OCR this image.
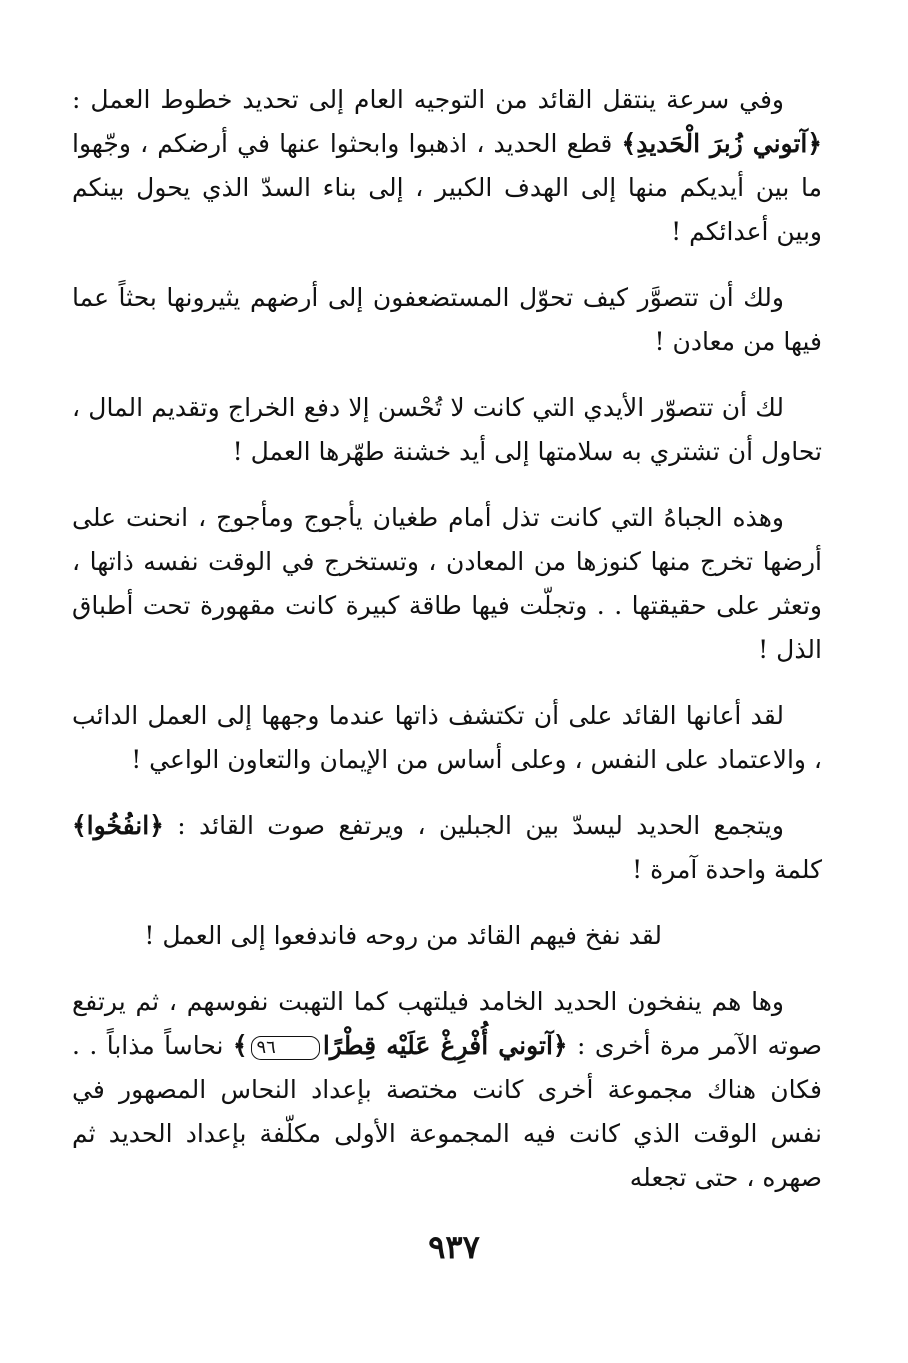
وفي سرعة ينتقل القائد من التوجيه العام إلى تحديد خطوط العمل : ﴿آتوني زُبرَ الْحَديدِ﴾ قطع الحديد ، اذهبوا وابحثوا عنها في أرضكم ، وجّهوا ما بين أيديكم منها إلى الهدف الكبير ، إلى بناء السدّ الذي يحول بينكم وبين أعدائكم !

ولك أن تتصوَّر كيف تحوّل المستضعفون إلى أرضهم يثيرونها بحثاً عما فيها من معادن !

لك أن تتصوّر الأيدي التي كانت لا تُحْسن إلا دفع الخراج وتقديم المال ، تحاول أن تشتري به سلامتها إلى أيد خشنة طهّرها العمل !

وهذه الجباهُ التي كانت تذل أمام طغيان يأجوج ومأجوج ، انحنت على أرضها تخرج منها كنوزها من المعادن ، وتستخرج في الوقت نفسه ذاتها ، وتعثر على حقيقتها . . وتجلّت فيها طاقة كبيرة كانت مقهورة تحت أطباق الذل !

لقد أعانها القائد على أن تكتشف ذاتها عندما وجهها إلى العمل الدائب ، والاعتماد على النفس ، وعلى أساس من الإيمان والتعاون الواعي !

ويتجمع الحديد ليسدّ بين الجبلين ، ويرتفع صوت القائد : ﴿انفُخُوا﴾ كلمة واحدة آمرة !

لقد نفخ فيهم القائد من روحه فاندفعوا إلى العمل !

وها هم ينفخون الحديد الخامد فيلتهب كما التهبت نفوسهم ، ثم يرتفع صوته الآمر مرة أخرى : ﴿آتوني أُفْرِغْ عَلَيْه قِطْرًا٩٦﴾ نحاساً مذاباً . . فكان هناك مجموعة أخرى كانت مختصة بإعداد النحاس المصهور في نفس الوقت الذي كانت فيه المجموعة الأولى مكلّفة بإعداد الحديد ثم صهره ، حتى تجعله

٩٣٧
